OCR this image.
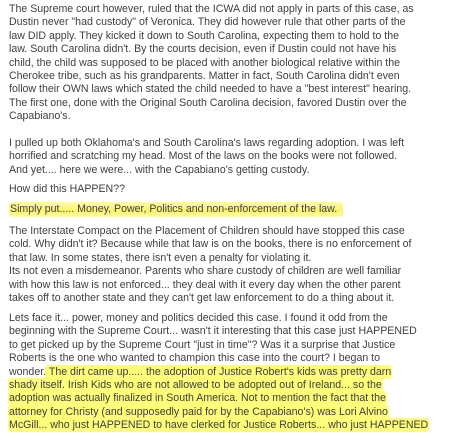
The Supreme court however, ruled that the ICWA did not apply in parts of this case, as
Dustin never "had custody" of Veronica. They did however rule that other parts of the
law DID apply. They kicked it down to South Carolina, expecting them to hold to the
law. South Carolina didn't. By the courts decision, even if Dustin could not have his
child, the child was supposed to be placed with another biological relative within the
Cherokee tribe, such as his grandparents. Matter in fact, South Carolina didn't even
follow their OWN laws which stated the child needed to have a "best interest" hearing.
The first one, done with the Original South Carolina decision, favored Dustin over the
Capabiano's.
I pulled up both Oklahoma's and South Carolina's laws regarding adoption. I was left
horrified and scratching my head. Most of the laws on the books were not followed.
And yet.... here we were... with the Capabiano's getting custody.
How did this HAPPEN??
Simply put..... Money, Power, Politics and non-enforcement of the law.
The Interstate Compact on the Placement of Children should have stopped this case
cold. Why didn't it? Because while that law is on the books, there is no enforcement of
that law. In some states, there isn't even a penalty for violating it.
Its not even a misdemeanor. Parents who share custody of children are well familiar
with how this law is not enforced... they deal with it every day when the other parent
takes off to another state and they can't get law enforcement to do a thing about it.
Lets face it... power, money and politics decided this case. I found it odd from the
beginning with the Supreme Court... wasn't it interesting that this case just HAPPENED
to get picked up by the Supreme Court "just in time"? Was it a surprise that Justice
Roberts is the one who wanted to champion this case into the court? I began to
wonder. The dirt came up..... the adoption of Justice Robert's kids was pretty darn
shady itself. Irish Kids who are not allowed to be adopted out of Ireland... so the
adoption was actually finalized in South America. Not to mention the fact that the
attorney for Christy (and supposedly paid for by the Capabiano's) was Lori Alvino
McGill... who just HAPPENED to have clerked for Justice Roberts... who just HAPPENED
